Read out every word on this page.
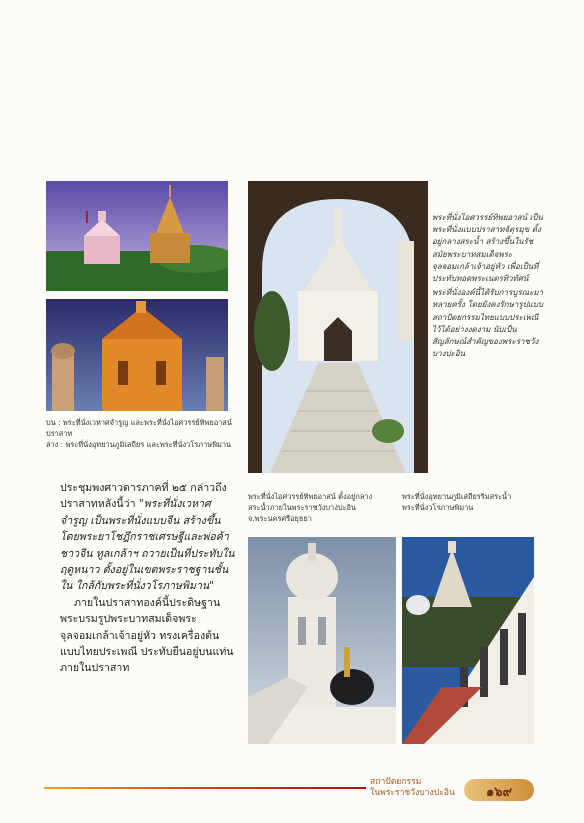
บน : พระที่นั่งเวหาศจำรูญ และพระที่นั่งไอศวรรย์ทิพยอาสน์
ปราสาท
ล่าง : พระที่นั่งอุทยานภูมิเสถียร และพระที่นั่งวโรภาษพิมาน

พระที่นั่งไอศวรรย์ทิพยอาสน์ เป็นพระที่นั่งแบบปราสาทจัตุรมุข ตั้งอยู่กลางสระน้ำ สร้างขึ้นในรัชสมัยพระบาทสมเด็จพระจุลจอมเกล้าเจ้าอยู่หัว เพื่อเป็นที่ประทับทอดพระเนตรทิวทัศน์

พระที่นั่งองค์นี้ได้รับการบูรณะมาหลายครั้ง โดยยังคงรักษารูปแบบสถาปัตยกรรมไทยแบบประเพณีไว้ได้อย่างงดงาม นับเป็นสัญลักษณ์สำคัญของพระราชวังบางปะอิน

ประชุมพงศาวดารภาคที่ ๒๕ กล่าวถึงปราสาทหลังนี้ว่า "พระที่นั่งเวหาศจำรูญ เป็นพระที่นั่งแบบจีน สร้างขึ้นโดยพระยาโชฎึกราชเศรษฐีและพ่อค้าชาวจีน ทูลเกล้าฯ ถวายเป็นที่ประทับในฤดูหนาว ตั้งอยู่ในเขตพระราชฐานชั้นใน ใกล้กับพระที่นั่งวโรภาษพิมาน"

ภายในปราสาทองค์นี้ประดิษฐานพระบรมรูปพระบาทสมเด็จพระจุลจอมเกล้าเจ้าอยู่หัว ทรงเครื่องต้นแบบไทยประเพณี ประทับยืนอยู่บนแท่นภายในปราสาท

พระที่นั่งไอศวรรย์ทิพยอาสน์ ตั้งอยู่กลาง
สระน้ำภายในพระราชวังบางปะอิน
จ.พระนครศรีอยุธยา
พระที่นั่งอุทยานภูมิเสถียรริมสระน้ำ
พระที่นั่งวโรภาษพิมาน
สถาปัตยกรรม
ในพระราชวังบางปะอิน	๑๖๙
